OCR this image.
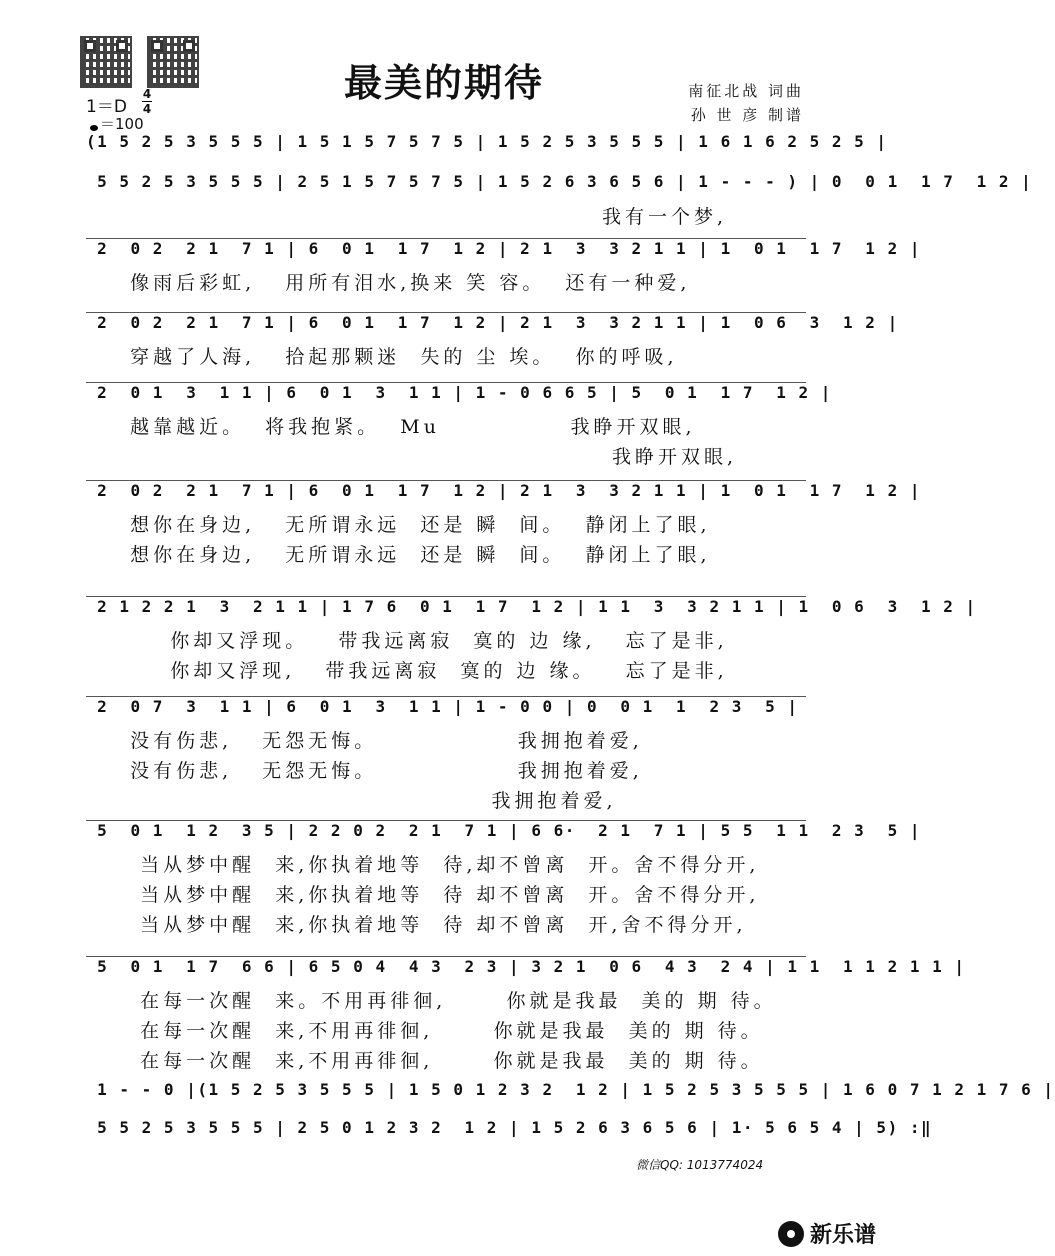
最美的期待	南征北战 词曲
孙 世 彦 制谱
1＝D
4
4
＝100
(1 5 2 5 3 5 5 5 | 1 5 1 5 7 5 7 5 | 1 5 2 5 3 5 5 5 | 1 6 1 6 2 5 2 5 |
5 5 2 5 3 5 5 5 | 2 5 1 5 7 5 7 5 | 1 5 2 6 3 6 5 6 | 1 - - - ) | 0  0 1  1 7  1 2 |
我有一个梦,
2  0 2  2 1  7 1 | 6  0 1  1 7  1 2 | 2 1  3  3 2 1 1 | 1  0 1  1 7  1 2 |
像雨后彩虹,   用所有泪水,换来 笑 容。  还有一种爱,
2  0 2  2 1  7 1 | 6  0 1  1 7  1 2 | 2 1  3  3 2 1 1 | 1  0 6  3  1 2 |
穿越了人海,   拾起那颗迷  失的 尘 埃。  你的呼吸,
2  0 1  3  1 1 | 6  0 1  3  1 1 | 1 - 0 6 6 5 | 5  0 1  1 7  1 2 |
越靠越近。  将我抱紧。  Mu             我睁开双眼,
我睁开双眼,
2  0 2  2 1  7 1 | 6  0 1  1 7  1 2 | 2 1  3  3 2 1 1 | 1  0 1  1 7  1 2 |
想你在身边,   无所谓永远  还是 瞬  间。  静闭上了眼,
想你在身边,   无所谓永远  还是 瞬  间。  静闭上了眼,
2 1 2 2 1  3  2 1 1 | 1 7 6  0 1  1 7  1 2 | 1 1  3  3 2 1 1 | 1  0 6  3  1 2 |
你却又浮现。   带我远离寂  寞的 边 缘,   忘了是非,
你却又浮现,   带我远离寂  寞的 边 缘。   忘了是非,
2  0 7  3  1 1 | 6  0 1  3  1 1 | 1 - 0 0 | 0  0 1  1  2 3  5 |
没有伤悲,   无怨无悔。              我拥抱着爱,
没有伤悲,   无怨无悔。              我拥抱着爱,
我拥抱着爱,
5  0 1  1 2  3 5 | 2 2 0 2  2 1  7 1 | 6 6·  2 1  7 1 | 5 5  1 1  2 3  5 |
当从梦中醒  来,你执着地等  待,却不曾离  开。舍不得分开,
当从梦中醒  来,你执着地等  待 却不曾离  开。舍不得分开,
当从梦中醒  来,你执着地等  待 却不曾离  开,舍不得分开,
5  0 1  1 7  6 6 | 6 5 0 4  4 3  2 3 | 3 2 1  0 6  4 3  2 4 | 1 1  1 1 2 1 1 |
在每一次醒  来。不用再徘徊,      你就是我最  美的 期 待。
在每一次醒  来,不用再徘徊,      你就是我最  美的 期 待。
在每一次醒  来,不用再徘徊,      你就是我最  美的 期 待。
1 - - 0 |(1 5 2 5 3 5 5 5 | 1 5 0 1 2 3 2  1 2 | 1 5 2 5 3 5 5 5 | 1 6 0 7 1 2 1 7 6 |
5 5 2 5 3 5 5 5 | 2 5 0 1 2 3 2  1 2 | 1 5 2 6 3 6 5 6 | 1· 5 6 5 4 | 5) :‖
微信QQ: 1013774024
新乐谱
